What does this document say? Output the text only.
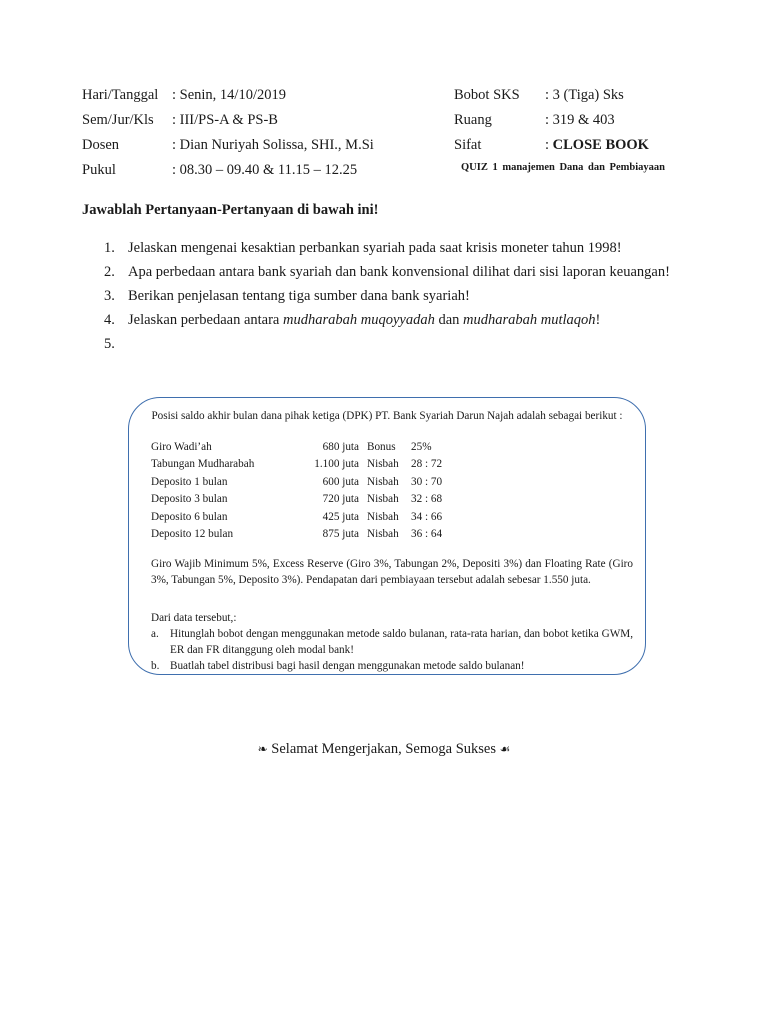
Hari/Tanggal : Senin, 14/10/2019
Sem/Jur/Kls : III/PS-A & PS-B
Dosen	: Dian Nuriyah Solissa, SHI., M.Si
Pukul	: 08.30 – 09.40 & 11.15 – 12.25
Bobot SKS : 3 (Tiga) Sks
Ruang	: 319 & 403
Sifat	: CLOSE BOOK
QUIZ 1 manajemen Dana dan Pembiayaan
Jawablah Pertanyaan-Pertanyaan di bawah ini!
1. Jelaskan mengenai kesaktian perbankan syariah pada saat krisis moneter tahun 1998!
2. Apa perbedaan antara bank syariah dan bank konvensional dilihat dari sisi laporan keuangan!
3. Berikan penjelasan tentang tiga sumber dana bank syariah!
4. Jelaskan perbedaan antara mudharabah muqoyyadah dan mudharabah mutlaqoh!
5.
Posisi saldo akhir bulan dana pihak ketiga (DPK) PT. Bank Syariah Darun Najah adalah sebagai berikut :
Giro Wadi’ah	680 juta	Bonus	25%
Tabungan Mudharabah	1.100 juta	Nisbah	28 : 72
Deposito 1 bulan	600 juta	Nisbah	30 : 70
Deposito 3 bulan	720 juta	Nisbah	32 : 68
Deposito 6 bulan	425 juta	Nisbah	34 : 66
Deposito 12 bulan	875 juta	Nisbah	36 : 64
Giro Wajib Minimum 5%, Excess Reserve (Giro 3%, Tabungan 2%, Depositi 3%) dan Floating Rate (Giro 3%, Tabungan 5%, Deposito 3%). Pendapatan dari pembiayaan tersebut adalah sebesar 1.550 juta.
Dari data tersebut,:
a.	Hitunglah bobot dengan menggunakan metode saldo bulanan, rata-rata harian, dan bobot ketika GWM, ER dan FR ditanggung oleh modal bank!
b. Buatlah tabel distribusi bagi hasil dengan menggunakan metode saldo bulanan!
❧ Selamat Mengerjakan, Semoga Sukses ☙
